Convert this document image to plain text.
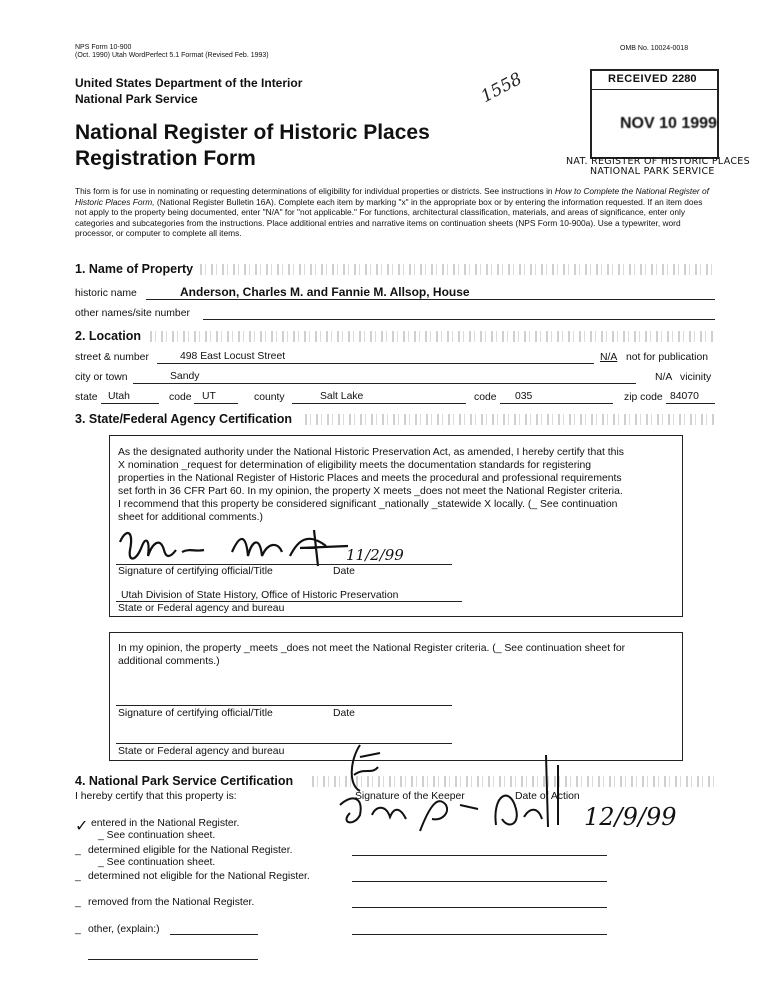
NPS Form 10-900
(Oct. 1990) Utah WordPerfect 5.1 Format (Revised Feb. 1993)
OMB No. 10024-0018
United States Department of the Interior
National Park Service
National Register of Historic Places
Registration Form
1558	RECEIVED 2280
NOV 10 1999
NAT. REGISTER OF HISTORIC PLACES
NATIONAL PARK SERVICE
This form is for use in nominating or requesting determinations of eligibility for individual properties or districts. See instructions in How to Complete the National Register of Historic Places Form, (National Register Bulletin 16A). Complete each item by marking "x" in the appropriate box or by entering the information requested. If an item does not apply to the property being documented, enter "N/A" for "not applicable." For functions, architectural classification, materials, and areas of significance, enter only categories and subcategories from the instructions. Place additional entries and narrative items on continuation sheets (NPS Form 10-900a). Use a typewriter, word processor, or computer to complete all items.
1. Name of Property
historic name	Anderson, Charles M. and Fannie M. Allsop, House
other names/site number
2. Location
street & number	498 East Locust Street	N/A not for publication
city or town	Sandy	N/A vicinity
state Utah	code UT	county	Salt Lake	code 035	zip code 84070
3. State/Federal Agency Certification
As the designated authority under the National Historic Preservation Act, as amended, I hereby certify that this
X nomination _request for determination of eligibility meets the documentation standards for registering
properties in the National Register of Historic Places and meets the procedural and professional requirements
set forth in 36 CFR Part 60. In my opinion, the property X meets _does not meet the National Register criteria.
I recommend that this property be considered significant _nationally _statewide X locally. (_ See continuation
sheet for additional comments.)
11/2/99
Signature of certifying official/Title	Date
Utah Division of State History, Office of Historic Preservation
State or Federal agency and bureau
In my opinion, the property _meets _does not meet the National Register criteria. (_ See continuation sheet for
additional comments.)
Signature of certifying official/Title	Date
State or Federal agency and bureau
4. National Park Service Certification
I hereby certify that this property is:	Signature of the Keeper	Date of Action
12/9/99
✓ entered in the National Register.
_ See continuation sheet.
_ determined eligible for the National Register.
_ See continuation sheet.
_ determined not eligible for the National Register.
_ removed from the National Register.
_ other, (explain:)
